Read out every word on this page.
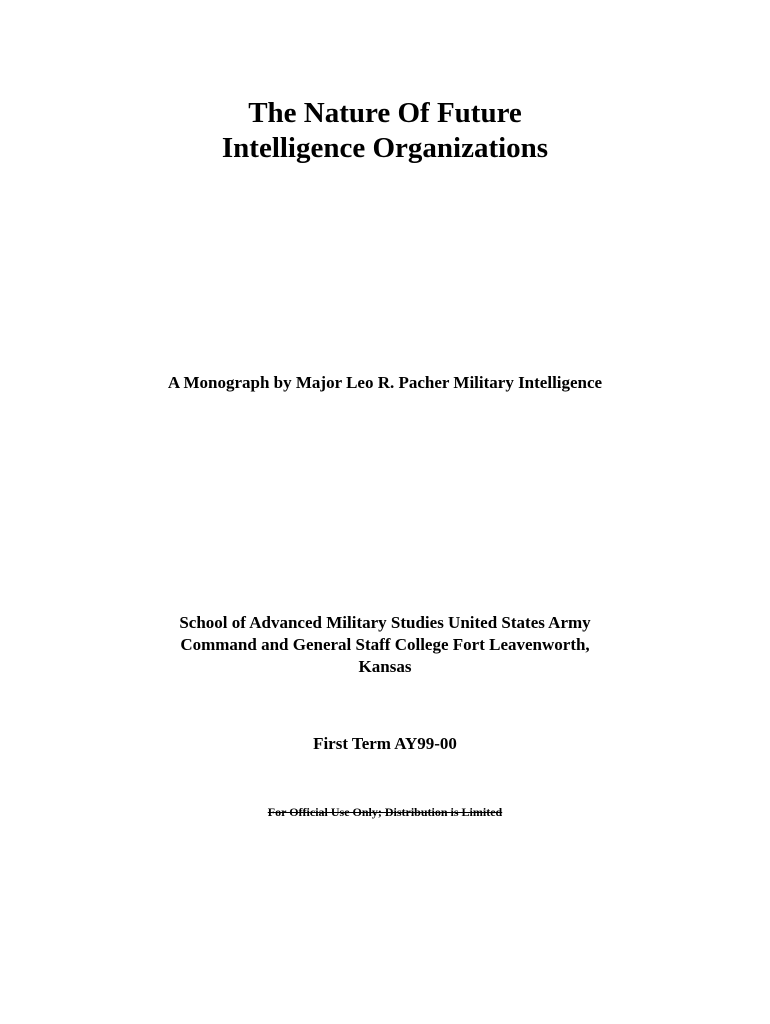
The Nature Of Future
Intelligence Organizations
A Monograph by Major Leo R. Pacher Military Intelligence
School of Advanced Military Studies United States Army
Command and General Staff College Fort Leavenworth,
Kansas
First Term AY99-00
For Official Use Only; Distribution is Limited
